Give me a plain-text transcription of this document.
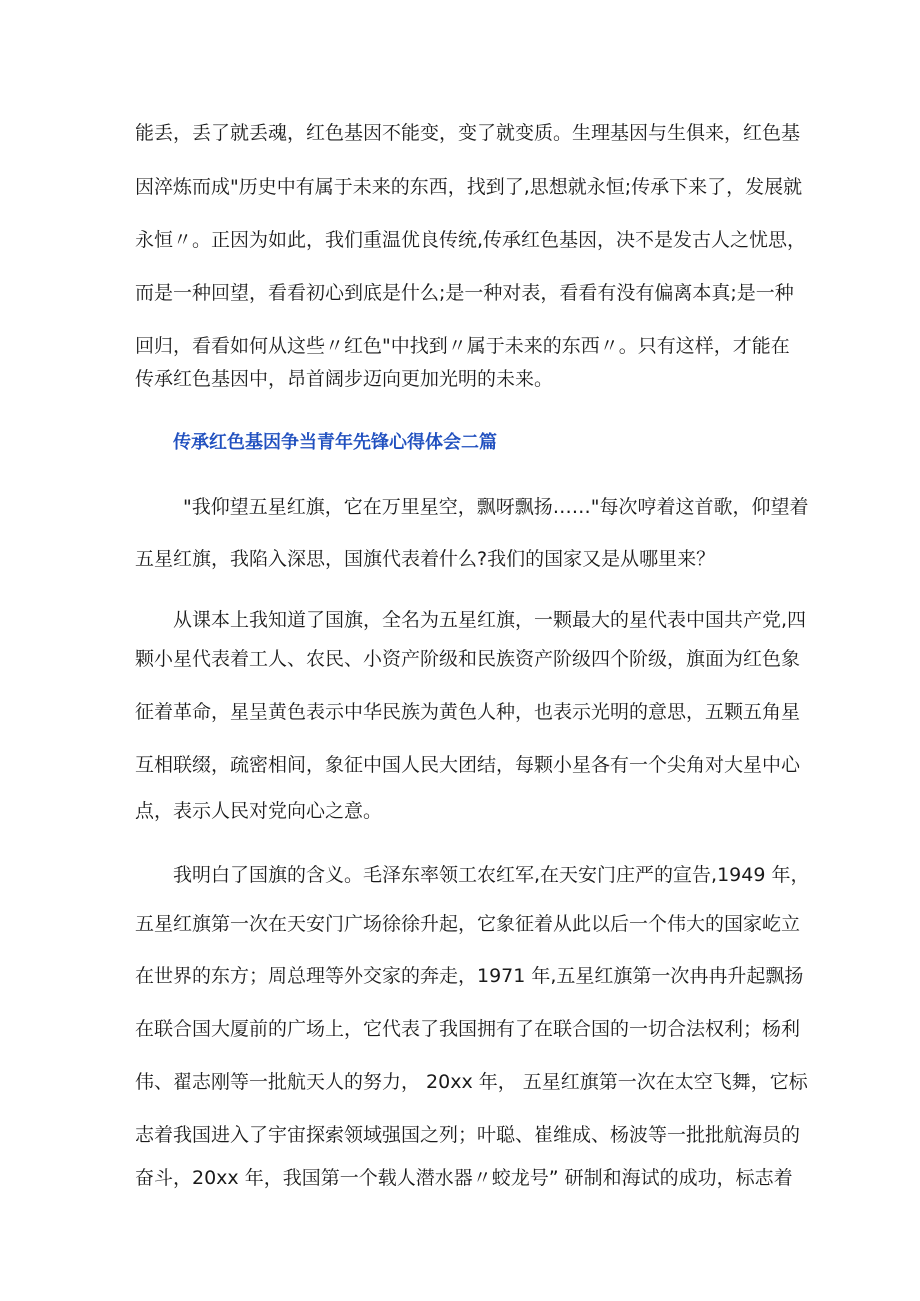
能丢，丢了就丢魂，红色基因不能变，变了就变质。生理基因与生俱来，红色基
因淬炼而成"历史中有属于未来的东西，找到了,思想就永恒;传承下来了，发展就
永恒〃。正因为如此，我们重温优良传统,传承红色基因，决不是发古人之忧思，
而是一种回望，看看初心到底是什么;是一种对表，看看有没有偏离本真;是一种
回归，看看如何从这些〃红色"中找到〃属于未来的东西〃。只有这样，才能在
传承红色基因中，昂首阔步迈向更加光明的未来。
传承红色基因争当青年先锋心得体会二篇
"我仰望五星红旗，它在万里星空，飘呀飘扬……"每次哼着这首歌，仰望着
五星红旗，我陷入深思，国旗代表着什么?我们的国家又是从哪里来？
从课本上我知道了国旗，全名为五星红旗，一颗最大的星代表中国共产党,四
颗小星代表着工人、农民、小资产阶级和民族资产阶级四个阶级，旗面为红色象
征着革命，星呈黄色表示中华民族为黄色人种，也表示光明的意思，五颗五角星
互相联缀，疏密相间，象征中国人民大团结，每颗小星各有一个尖角对大星中心
点，表示人民对党向心之意。
我明白了国旗的含义。毛泽东率领工农红军,在天安门庄严的宣告,1949 年，
五星红旗第一次在天安门广场徐徐升起，它象征着从此以后一个伟大的国家屹立
在世界的东方；周总理等外交家的奔走，1971 年,五星红旗第一次冉冉升起飘扬
在联合国大厦前的广场上，它代表了我国拥有了在联合国的一切合法权利；杨利
伟、翟志刚等一批航天人的努力， 20xx 年， 五星红旗第一次在太空飞舞，它标
志着我国进入了宇宙探索领域强国之列；叶聪、崔维成、杨波等一批批航海员的
奋斗，20xx 年，我国第一个载人潜水器〃蛟龙号” 研制和海试的成功，标志着
